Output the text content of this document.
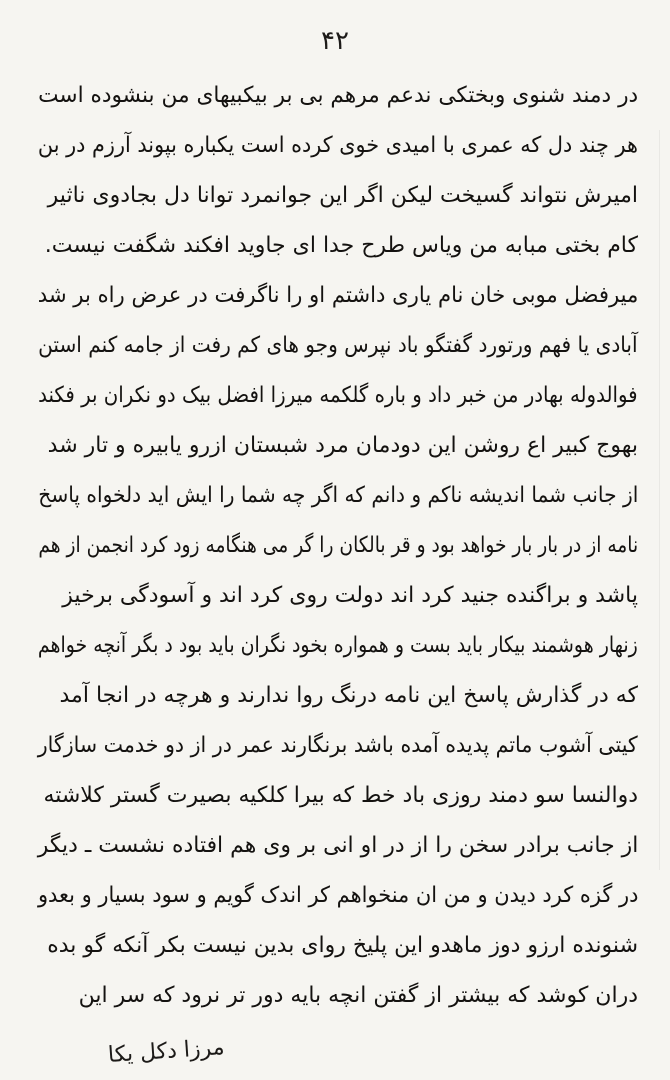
۴۲
در دمند شنوی وبختکی ندعم مرهم بی بر بیکبیهای من بنشوده است
هر چند دل که عمری با امیدی خوی کرده است یکباره بپوند آرزم در بن
امیرش نتواند گسیخت لیکن اگر این جوانمرد توانا دل بجادوی ناثیر
کام بختی مبابه من ویاس طرح جدا ای جاوید افکند شگفت نیست.
میرفضل موبی خان نام یاری داشتم او را ناگرفت در عرض راه بر شد
آبادی یا فهم ورتورد گفتگو باد نپرس وجو های کم رفت از جامه کنم استن
فوالدوله بهادر من خبر داد و باره گلکمه میرزا افضل بیک دو نکران بر فکند
بهوج کبیر اع روشن این دودمان مرد شبستان ازرو یابیره و تار شد
از جانب شما اندیشه ناکم و دانم که اگر چه شما را ایش اید دلخواه پاسخ
نامه از در بار بار خواهد بود و قر بالکان را گر می هنگامه زود کرد انجمن از هم
پاشد و براگنده جنید کرد اند دولت روی کرد اند و آسودگی برخیز
زنهار هوشمند بیکار باید بست و همواره بخود نگران باید بود د بگر آنچه خواهم
که در گذارش پاسخ این نامه درنگ روا ندارند و هرچه در انجا آمد
کیتی آشوب ماتم پدیده آمده باشد برنگارند عمر در از دو خدمت سازگار
دوالنسا سو دمند روزی باد خط که بیرا کلکیه بصیرت گستر کلاشته
از جانب برادر سخن را از در او انی بر وی هم افتاده نشست ـ دیگر
در گزه کرد دیدن و من ان منخواهم کر اندک گویم و سود بسیار و بعدو
شنونده ارزو دوز ماهدو این پلیخ روای بدین نیست بکر آنکه گو بده
دران کوشد که بیشتر از گفتن انچه بایه دور تر نرود که سر این
مرزا دکل یکا
